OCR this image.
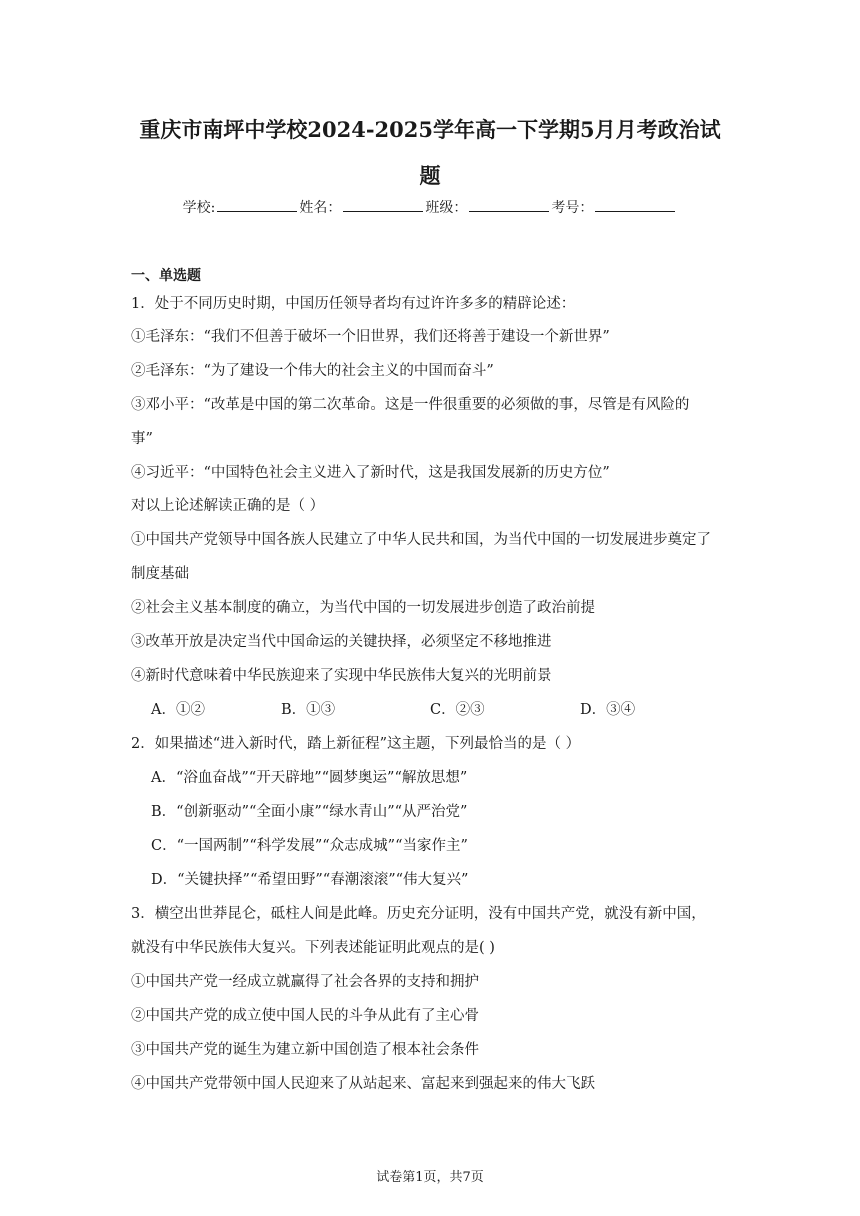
重庆市南坪中学校2024-2025学年高一下学期5月月考政治试
题
学校:	姓名：	班级：	考号：
一、单选题
1．处于不同历史时期，中国历任领导者均有过许许多多的精辟论述：
①毛泽东：“我们不但善于破坏一个旧世界，我们还将善于建设一个新世界”
②毛泽东：“为了建设一个伟大的社会主义的中国而奋斗”
③邓小平：“改革是中国的第二次革命。这是一件很重要的必须做的事，尽管是有风险的
事”
④习近平：“中国特色社会主义进入了新时代，这是我国发展新的历史方位”
对以上论述解读正确的是（ ）
①中国共产党领导中国各族人民建立了中华人民共和国，为当代中国的一切发展进步奠定了
制度基础
②社会主义基本制度的确立，为当代中国的一切发展进步创造了政治前提
③改革开放是决定当代中国命运的关键抉择，必须坚定不移地推进
④新时代意味着中华民族迎来了实现中华民族伟大复兴的光明前景
A．①②	B．①③	C．②③	D．③④
2．如果描述“进入新时代，踏上新征程”这主题，下列最恰当的是（ ）
A．“浴血奋战”“开天辟地”“圆梦奥运”“解放思想”
B．“创新驱动”“全面小康”“绿水青山”“从严治党”
C．“一国两制”“科学发展”“众志成城”“当家作主”
D．“关键抉择”“希望田野”“春潮滚滚”“伟大复兴”
3．横空出世莽昆仑，砥柱人间是此峰。历史充分证明，没有中国共产党，就没有新中国，
就没有中华民族伟大复兴。下列表述能证明此观点的是( )
①中国共产党一经成立就赢得了社会各界的支持和拥护
②中国共产党的成立使中国人民的斗争从此有了主心骨
③中国共产党的诞生为建立新中国创造了根本社会条件
④中国共产党带领中国人民迎来了从站起来、富起来到强起来的伟大飞跃
试卷第1页，共7页
